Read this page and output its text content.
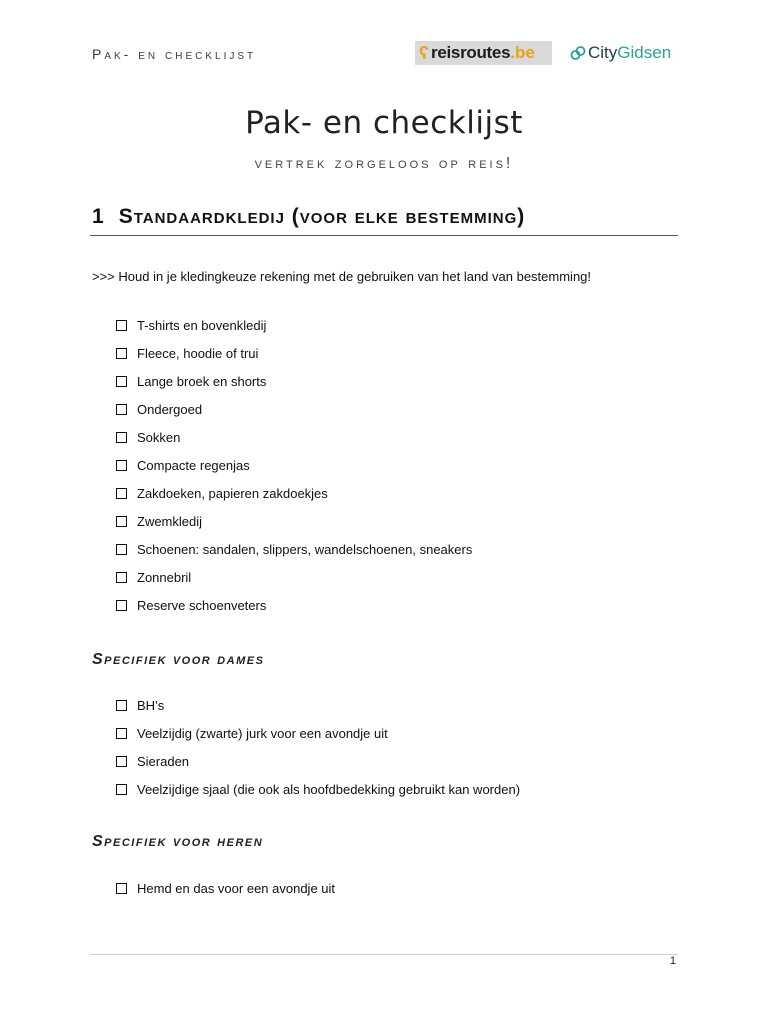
Pak- en checklijst	ʕ reisroutes .be	City Gidsen
Pak- en checklijst
vertrek zorgeloos op reis!
1 Standaardkledij (voor elke bestemming)
>>> Houd in je kledingkeuze rekening met de gebruiken van het land van bestemming!
T-shirts en bovenkledij
Fleece, hoodie of trui
Lange broek en shorts
Ondergoed
Sokken
Compacte regenjas
Zakdoeken, papieren zakdoekjes
Zwemkledij
Schoenen: sandalen, slippers, wandelschoenen, sneakers
Zonnebril
Reserve schoenveters
Specifiek voor dames
BH’s
Veelzijdig (zwarte) jurk voor een avondje uit
Sieraden
Veelzijdige sjaal (die ook als hoofdbedekking gebruikt kan worden)
Specifiek voor heren
Hemd en das voor een avondje uit
1
